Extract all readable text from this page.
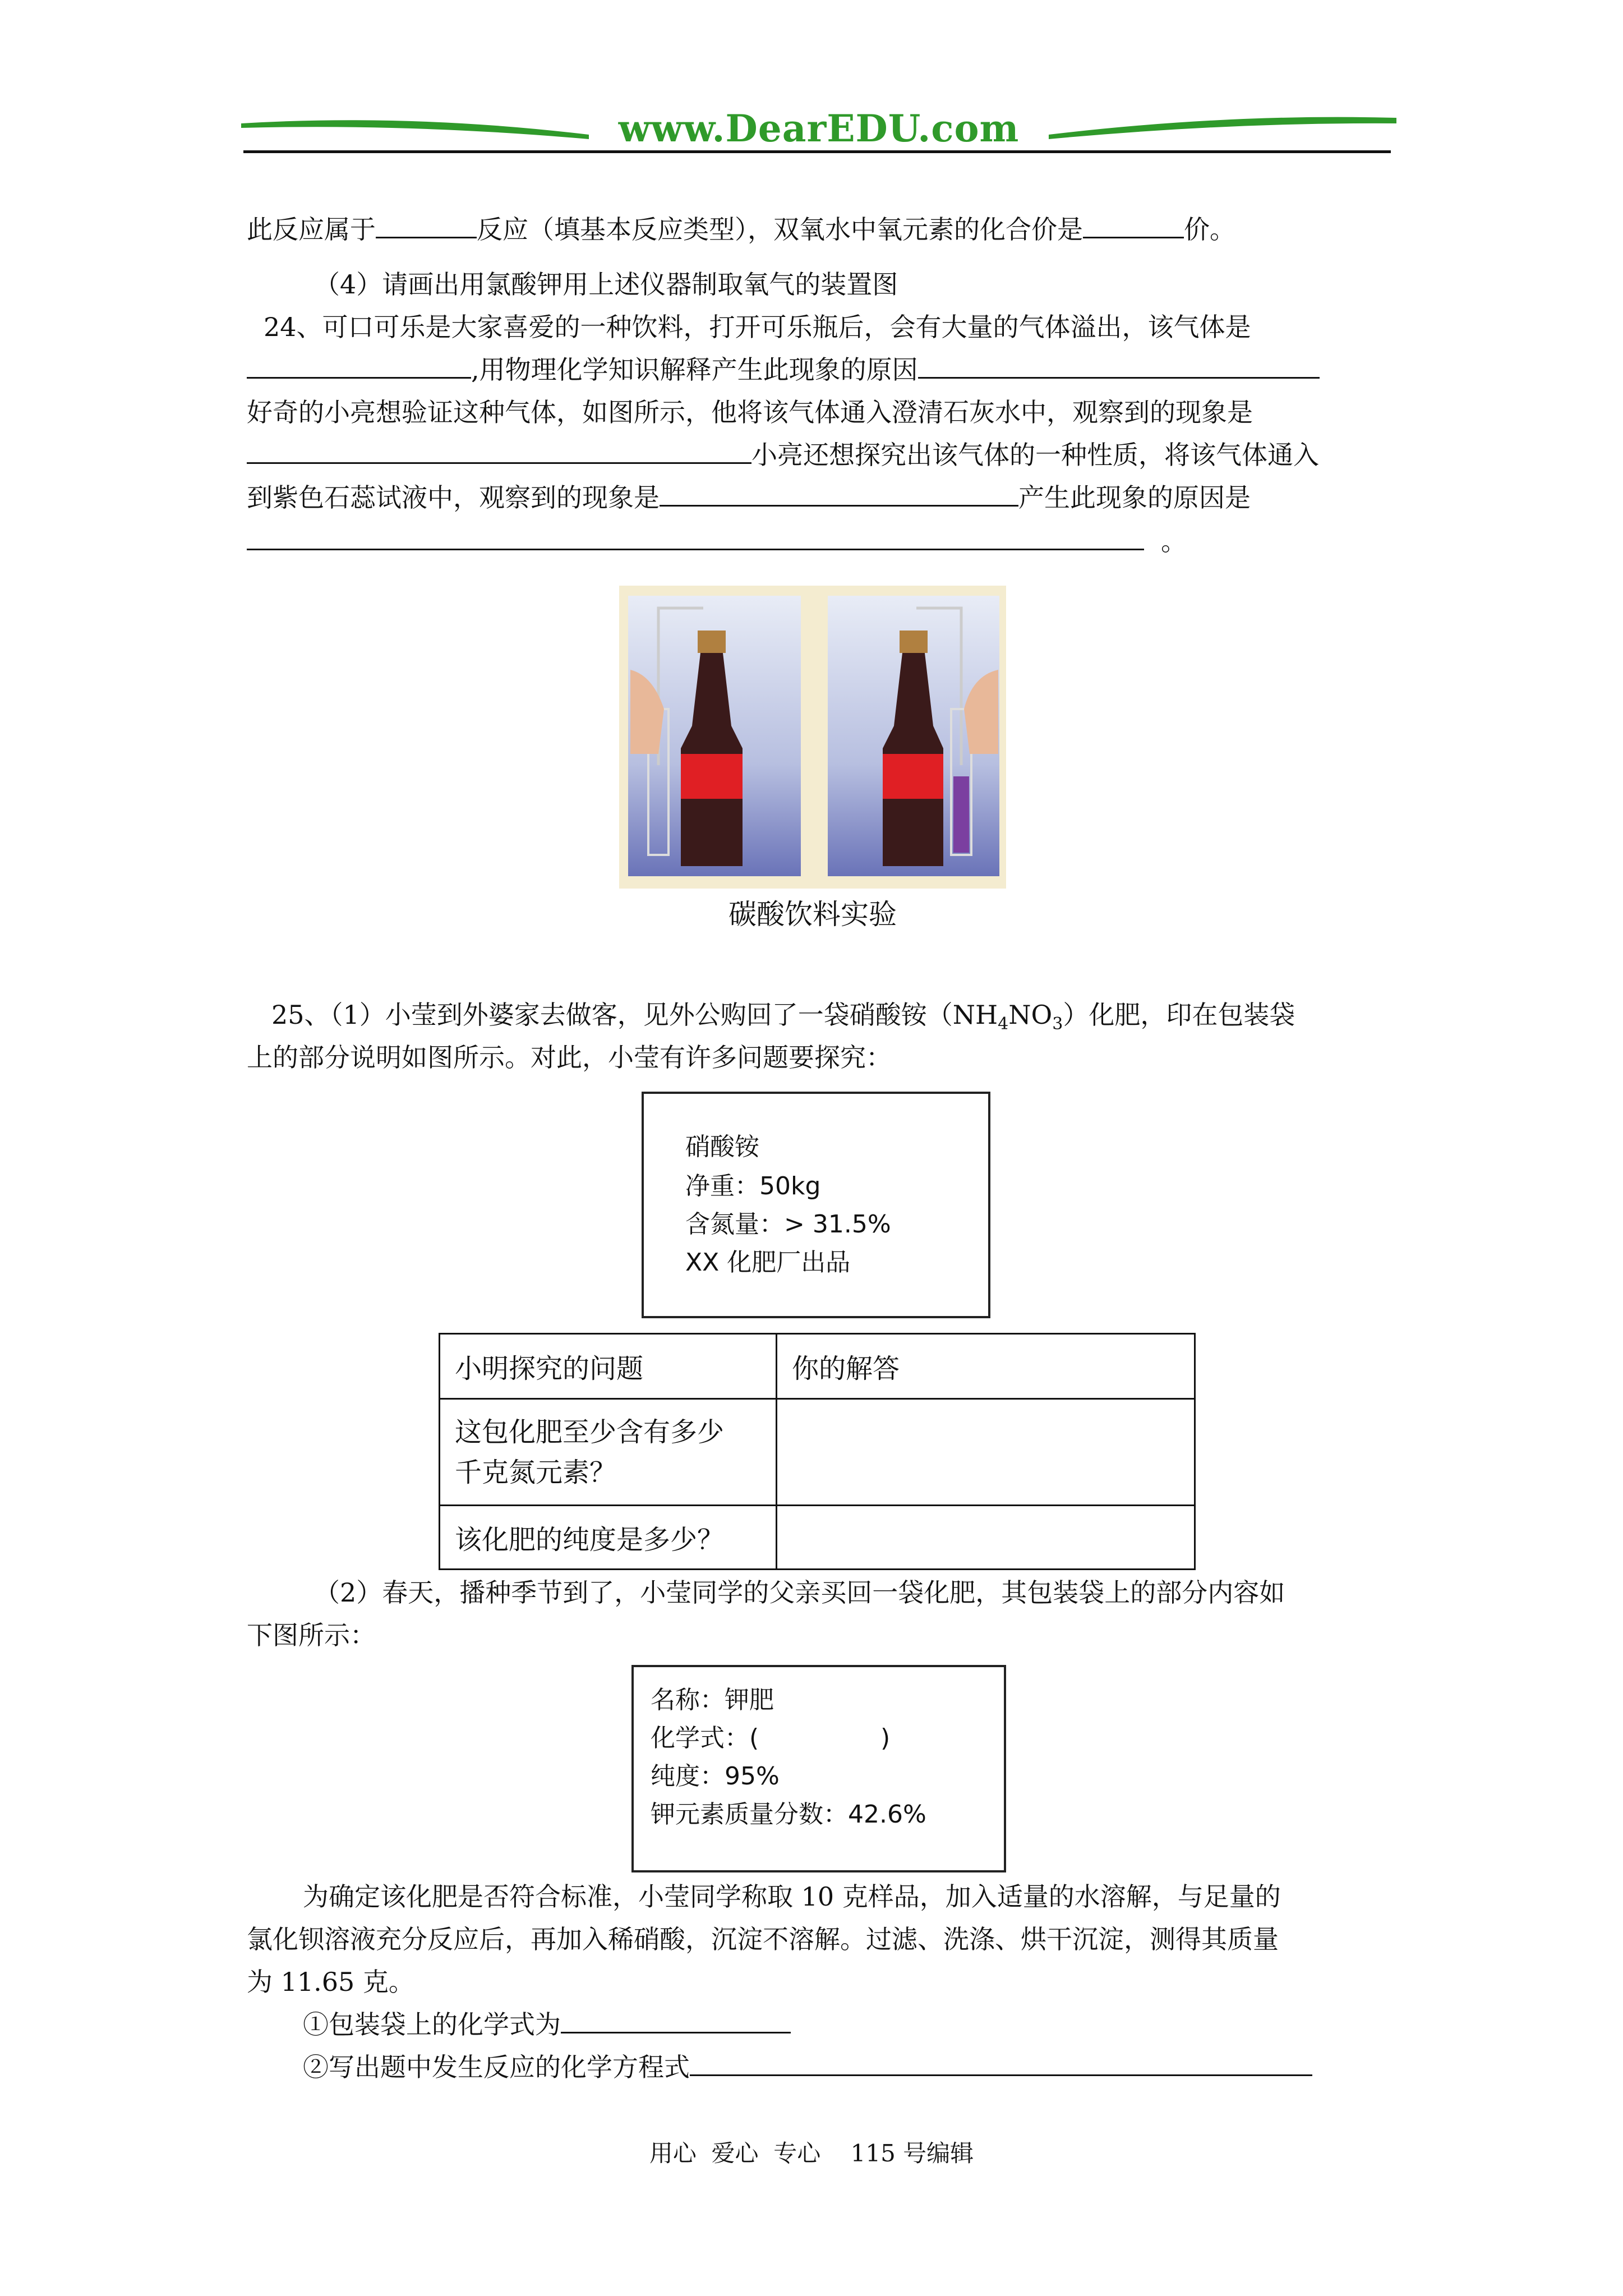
www.DearEDU.com
此反应属于	反应（填基本反应类型），双氧水中氧元素的化合价是	价。
（4）请画出用氯酸钾用上述仪器制取氧气的装置图
24、可口可乐是大家喜爱的一种饮料，打开可乐瓶后，会有大量的气体溢出，该气体是
,用物理化学知识解释产生此现象的原因
好奇的小亮想验证这种气体，如图所示，他将该气体通入澄清石灰水中，观察到的现象是
小亮还想探究出该气体的一种性质，将该气体通入
到紫色石蕊试液中，观察到的现象是	产生此现象的原因是
。
碳酸饮料实验
25、（1）小莹到外婆家去做客，见外公购回了一袋硝酸铵$(NH_4NO_3)$化肥，印在包装袋
上的部分说明如图所示。对此，小莹有许多问题要探究：
硝酸铵
净重：50kg
含氮量：> 31.5%
XX 化肥厂出品
小明探究的问题	你的解答
这包化肥至少含有多少
千克氮元素？	
该化肥的纯度是多少？	
（2）春天，播种季节到了，小莹同学的父亲买回一袋化肥，其包装袋上的部分内容如
下图所示：
名称：钾肥
化学式：(	)
纯度：95%
钾元素质量分数：42.6%
为确定该化肥是否符合标准，小莹同学称取 10 克样品，加入适量的水溶解，与足量的
氯化钡溶液充分反应后，再加入稀硝酸，沉淀不溶解。过滤、洗涤、烘干沉淀，测得其质量
为 11.65 克。
①包装袋上的化学式为
②写出题中发生反应的化学方程式
用心  爱心  专心    115 号编辑
